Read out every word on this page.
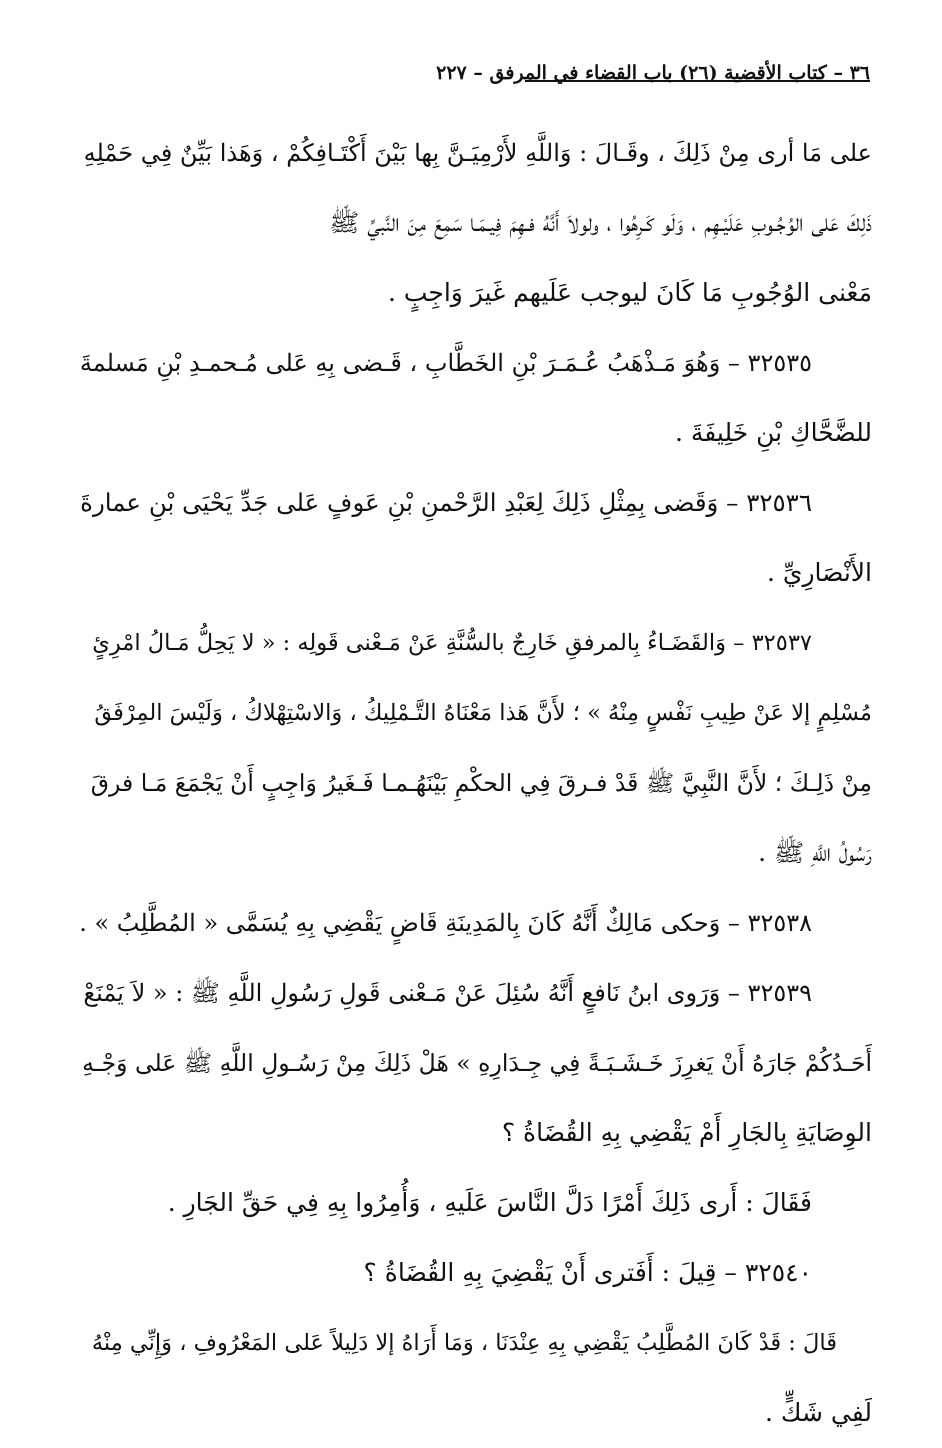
٣٦ – كتاب الأقضية (٢٦) باب القضاء في المرفق – ٢٢٧
على مَا أرى مِنْ ذَلِكَ ، وقَـالَ : وَاللَّهِ لأَرْمِيَـنَّ بِها بَيْنَ أَكْتَـافِكُمْ ، وَهَذا بَيِّنٌ فِي حَمْلِهِ
ذَلِكَ عَلى الوُجُـوبِ عَلَيْـهِم ، وَلَو كَـرِهُوا ، ولولاَ أَنَّهُ فـهِمَ فِيـمَـا سَمِعَ مِنَ النَّبيِّ ﷺ
مَعْنى الوُجُوبِ مَا كَانَ ليوجب عَلَيهم غَيرَ وَاجِبٍ .
٣٢٥٣٥ – وَهُوَ مَـذْهَبُ عُـمَـرَ بْنِ الخَطَّابِ ، قَـضى بِهِ عَلى مُـحمـدِ بْنِ مَسلمةَ
للضَّحَّاكِ بْنِ خَلِيفَةَ .
٣٢٥٣٦ – وَقَضى بِمِثْلِ ذَلِكَ لِعَبْدِ الرَّحْمنِ بْنِ عَوفٍ عَلى جَدِّ يَحْيَى بْنِ عمارةَ
الأَنْصَارِيِّ .
٣٢٥٣٧ – وَالقَضَـاءُ بِالمرفقِ خَارِجٌ بالسُّنَّةِ عَنْ مَـعْنى قَولِه : « لا يَحِلُّ مَـالُ امْرِئٍ
مُسْلِمٍ إلا عَنْ طِيبِ نَفْسٍ مِنْهُ » ؛ لأَنَّ هَذا مَعْنَاهُ التَّـمْلِيكُ ، وَالاسْتِهْلاكُ ، وَلَيْسَ المِرْفَقُ
مِنْ ذَلِـكَ ؛ لأَنَّ النَّبِيَّ ﷺ قَدْ فـرقَ فِي الحكْمِ بَيْنَهُـمـا فَـغَيرُ وَاجِبٍ أَنْ يَجْمَعَ مَـا فرقَ
رَسُولُ اللَّهِ ﷺ .
٣٢٥٣٨ – وَحكى مَالِكٌ أَنَّهُ كَانَ بِالمَدِينَةِ قَاضٍ يَقْضِي بِهِ يُسَمَّى « المُطَّلِبُ » .
٣٢٥٣٩ – وَرَوى ابنُ نَافعٍ أَنَّهُ سُئِلَ عَنْ مَـعْنى قَولِ رَسُولِ اللَّهِ ﷺ : « لاَ يَمْنَعْ
أَحَـدُكُمْ جَارَهُ أَنْ يَغرِزَ خَـشَـبَـةً فِي جِـدَارِهِ » هَلْ ذَلِكَ مِنْ رَسُـولِ اللَّهِ ﷺ عَلى وَجْـهِ
الوِصَايَةِ بِالجَارِ أَمْ يَقْضِي بِهِ القُضَاةُ ؟
فَقَالَ : أَرى ذَلِكَ أَمْرًا دَلَّ النَّاسَ عَلَيهِ ، وَأُمِرُوا بِهِ فِي حَقِّ الجَارِ .
٣٢٥٤٠ – قِيلَ : أَفَترى أَنْ يَقْضِيَ بِهِ القُضَاةُ ؟
قَالَ : قَدْ كَانَ المُطَّلِبُ يَقْضِي بِهِ عِنْدَنَا ، وَمَا أَرَاهُ إلا دَلِيلاً عَلى المَعْرُوفِ ، وَإِنِّي مِنْهُ
لَفِي شَكٍّ .
